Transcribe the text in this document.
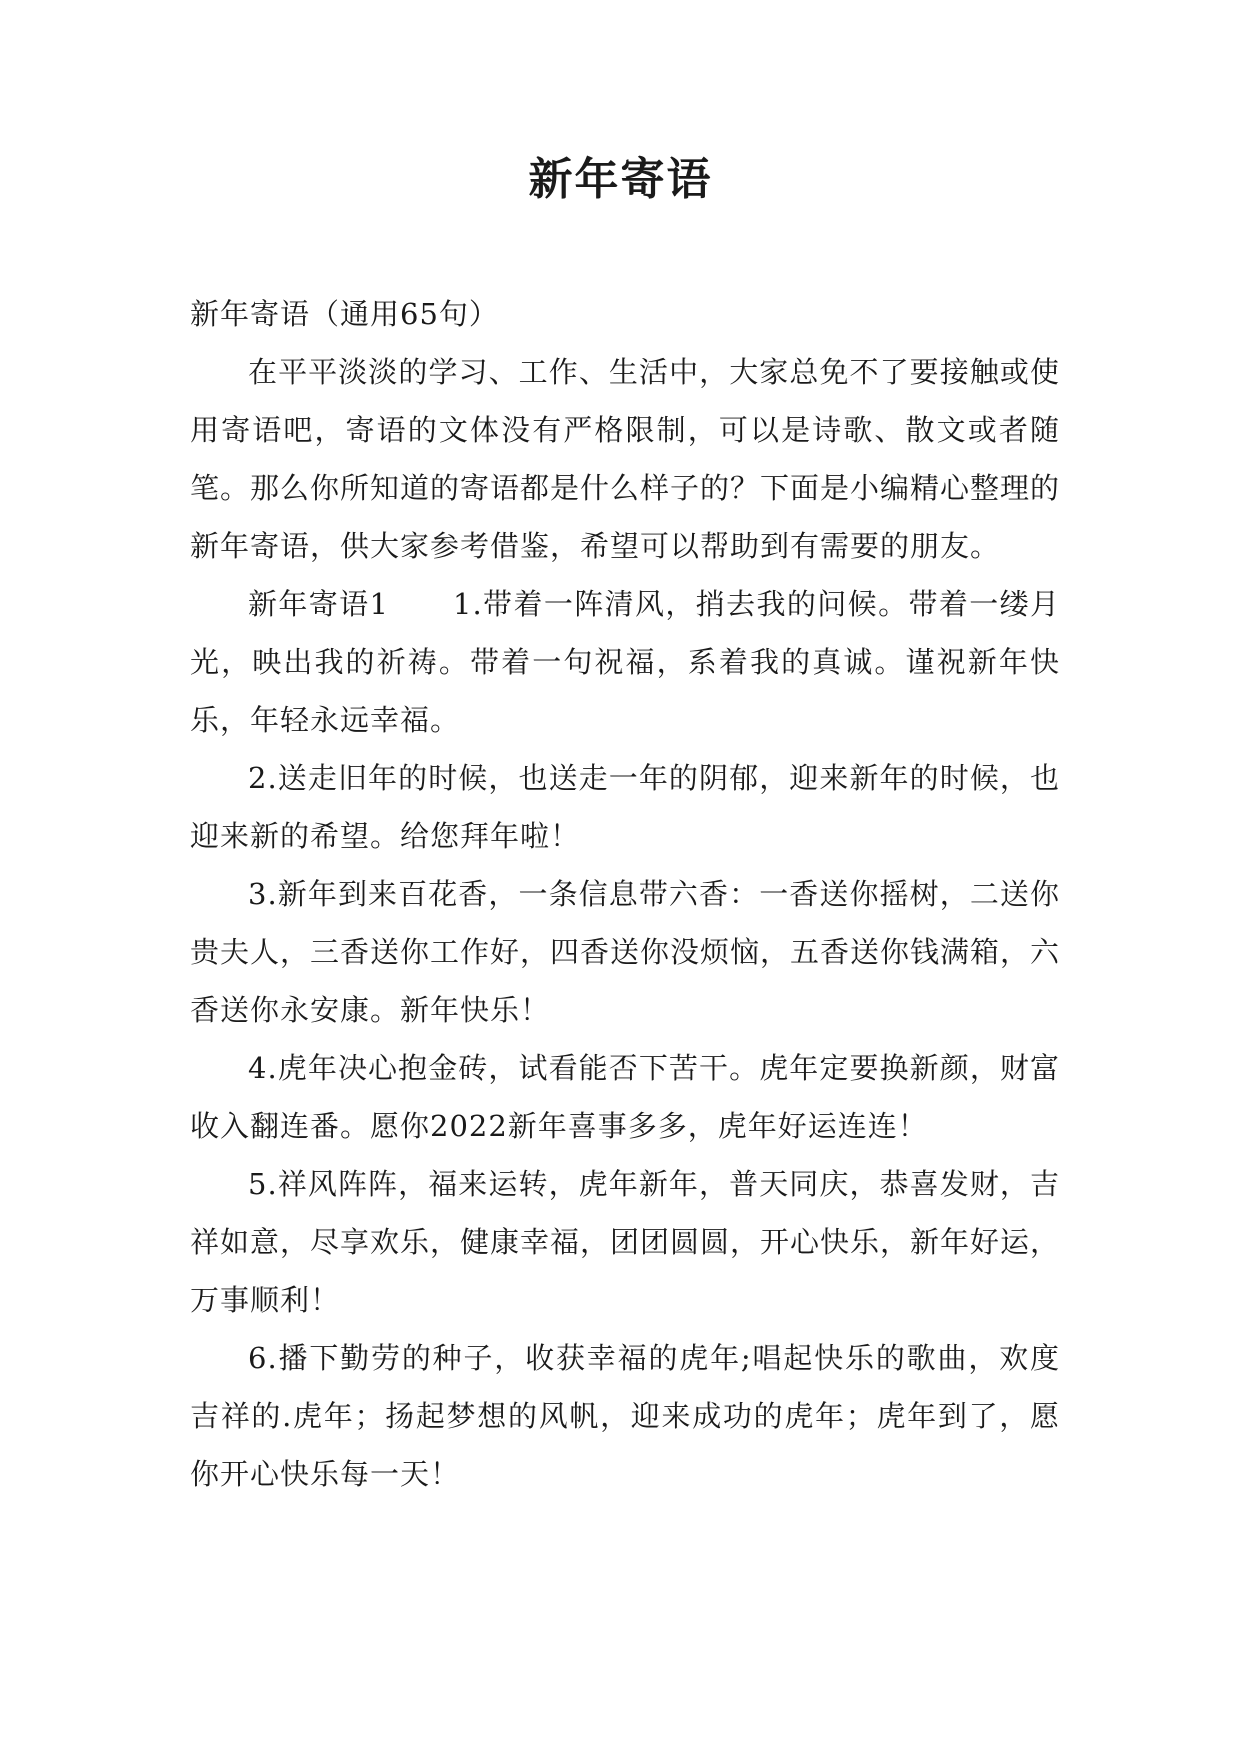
新年寄语

新年寄语（通用65句）

在平平淡淡的学习、工作、生活中，大家总免不了要接触或使用寄语吧，寄语的文体没有严格限制，可以是诗歌、散文或者随笔。那么你所知道的寄语都是什么样子的？下面是小编精心整理的新年寄语，供大家参考借鉴，希望可以帮助到有需要的朋友。

新年寄语1 1.带着一阵清风，捎去我的问候。带着一缕月光，映出我的祈祷。带着一句祝福，系着我的真诚。谨祝新年快乐，年轻永远幸福。

2.送走旧年的时候，也送走一年的阴郁，迎来新年的时候，也迎来新的希望。给您拜年啦！

3.新年到来百花香，一条信息带六香：一香送你摇树，二送你贵夫人，三香送你工作好，四香送你没烦恼，五香送你钱满箱，六香送你永安康。新年快乐！

4.虎年决心抱金砖，试看能否下苦干。虎年定要换新颜，财富收入翻连番。愿你2022新年喜事多多，虎年好运连连！

5.祥风阵阵，福来运转，虎年新年，普天同庆，恭喜发财，吉祥如意，尽享欢乐，健康幸福，团团圆圆，开心快乐，新年好运，万事顺利！

6.播下勤劳的种子，收获幸福的虎年;唱起快乐的歌曲，欢度吉祥的.虎年；扬起梦想的风帆，迎来成功的虎年；虎年到了，愿你开心快乐每一天！
